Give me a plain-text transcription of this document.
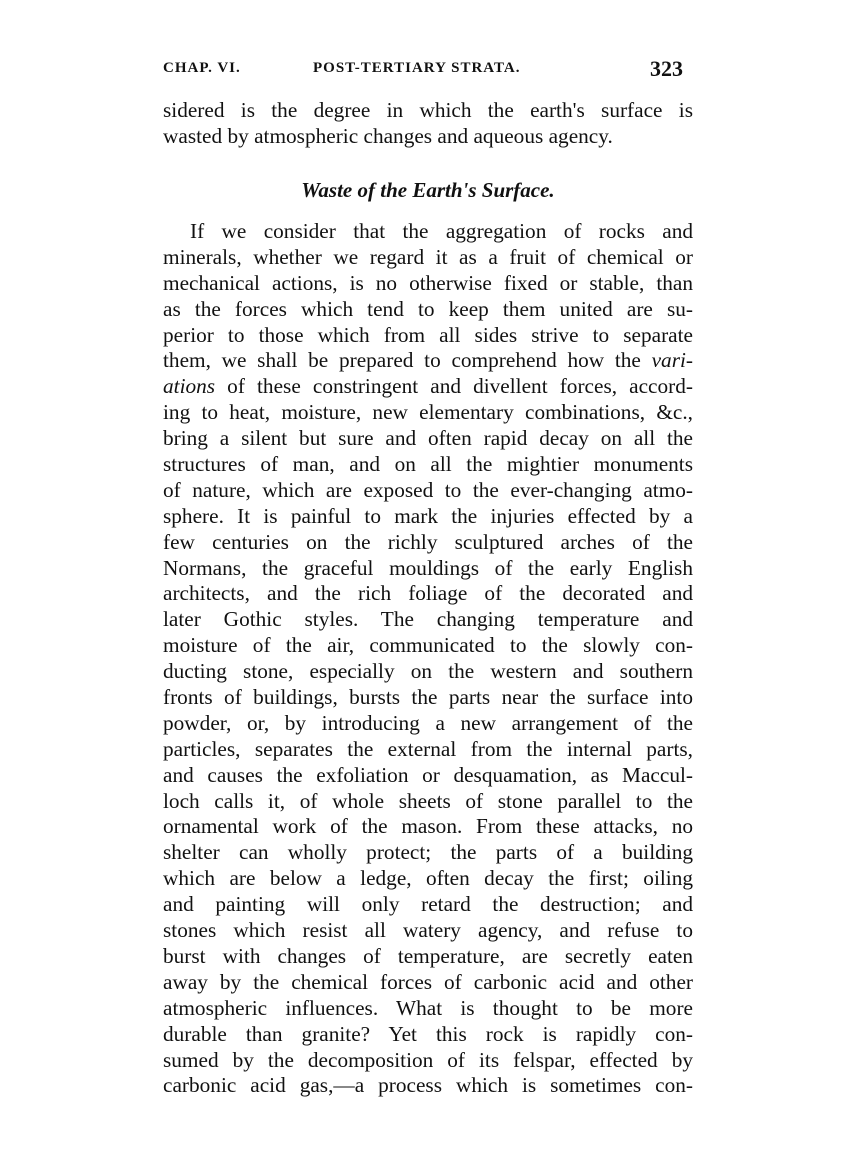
CHAP. VI.	POST-TERTIARY STRATA.	323
sidered is the degree in which the earth's surface is
wasted by atmospheric changes and aqueous agency.
Waste of the Earth's Surface.
If we consider that the aggregation of rocks and
minerals, whether we regard it as a fruit of chemical or
mechanical actions, is no otherwise fixed or stable, than
as the forces which tend to keep them united are su-
perior to those which from all sides strive to separate
them, we shall be prepared to comprehend how the vari-
ations of these constringent and divellent forces, accord-
ing to heat, moisture, new elementary combinations, &c.,
bring a silent but sure and often rapid decay on all the
structures of man, and on all the mightier monuments
of nature, which are exposed to the ever-changing atmo-
sphere. It is painful to mark the injuries effected by a
few centuries on the richly sculptured arches of the
Normans, the graceful mouldings of the early English
architects, and the rich foliage of the decorated and
later Gothic styles. The changing temperature and
moisture of the air, communicated to the slowly con-
ducting stone, especially on the western and southern
fronts of buildings, bursts the parts near the surface into
powder, or, by introducing a new arrangement of the
particles, separates the external from the internal parts,
and causes the exfoliation or desquamation, as Maccul-
loch calls it, of whole sheets of stone parallel to the
ornamental work of the mason. From these attacks, no
shelter can wholly protect; the parts of a building
which are below a ledge, often decay the first; oiling
and painting will only retard the destruction; and
stones which resist all watery agency, and refuse to
burst with changes of temperature, are secretly eaten
away by the chemical forces of carbonic acid and other
atmospheric influences. What is thought to be more
durable than granite? Yet this rock is rapidly con-
sumed by the decomposition of its felspar, effected by
carbonic acid gas,—a process which is sometimes con-
